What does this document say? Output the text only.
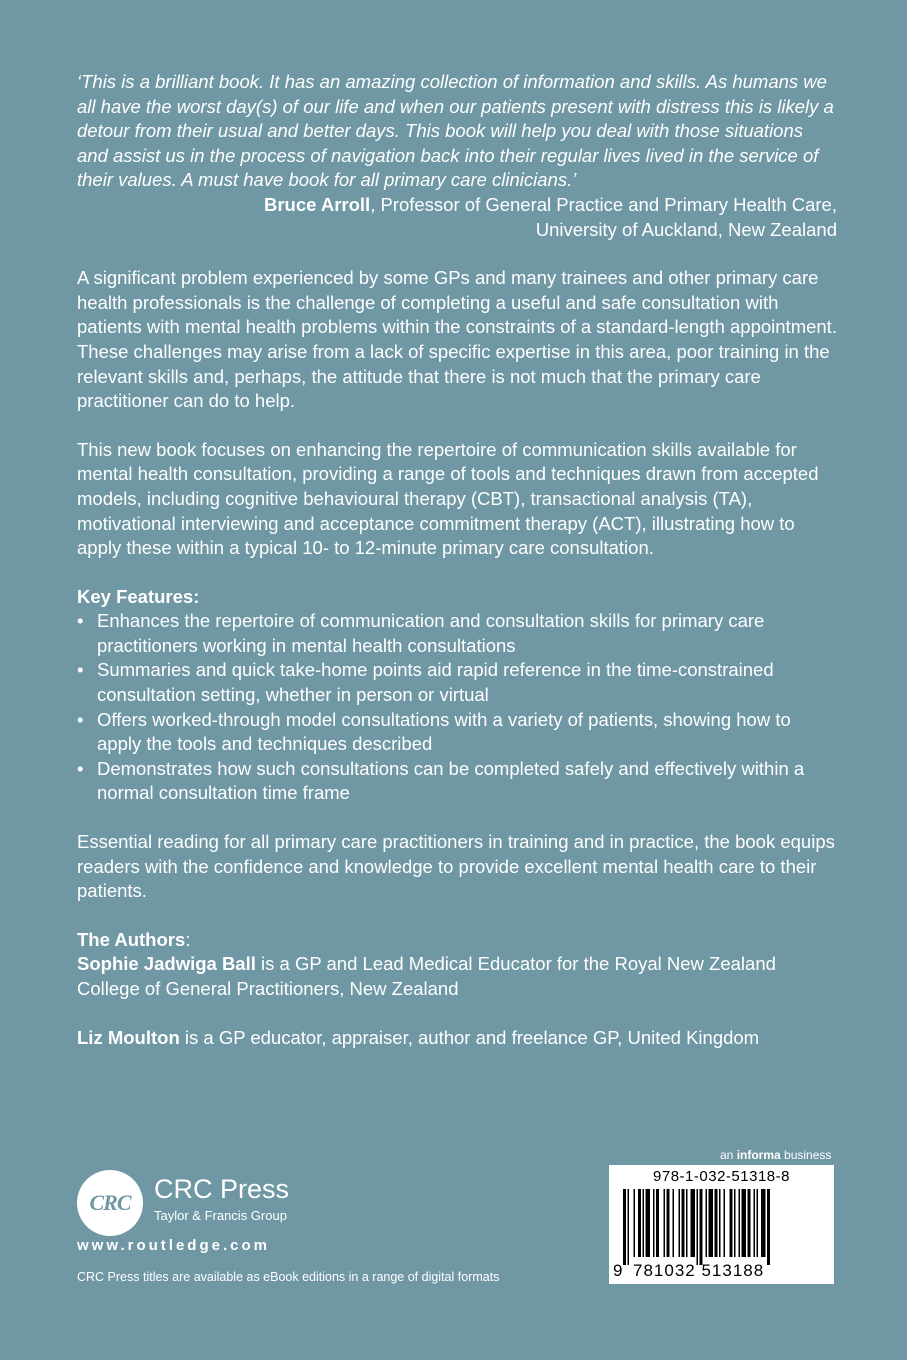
‘This is a brilliant book. It has an amazing collection of information and skills. As humans we all have the worst day(s) of our life and when our patients present with distress this is likely a detour from their usual and better days. This book will help you deal with those situations and assist us in the process of navigation back into their regular lives lived in the service of their values. A must have book for all primary care clinicians.’

Bruce Arroll, Professor of General Practice and Primary Health Care,
University of Auckland, New Zealand

A significant problem experienced by some GPs and many trainees and other primary care health professionals is the challenge of completing a useful and safe consultation with patients with mental health problems within the constraints of a standard-length appointment. These challenges may arise from a lack of specific expertise in this area, poor training in the relevant skills and, perhaps, the attitude that there is not much that the primary care practitioner can do to help.

This new book focuses on enhancing the repertoire of communication skills available for mental health consultation, providing a range of tools and techniques drawn from accepted models, including cognitive behavioural therapy (CBT), transactional analysis (TA), motivational interviewing and acceptance commitment therapy (ACT), illustrating how to apply these within a typical 10- to 12-minute primary care consultation.

Key Features:

• Enhances the repertoire of communication and consultation skills for primary care practitioners working in mental health consultations
• Summaries and quick take-home points aid rapid reference in the time-constrained consultation setting, whether in person or virtual
• Offers worked-through model consultations with a variety of patients, showing how to apply the tools and techniques described
• Demonstrates how such consultations can be completed safely and effectively within a normal consultation time frame

Essential reading for all primary care practitioners in training and in practice, the book equips readers with the confidence and knowledge to provide excellent mental health care to their patients.

The Authors:

Sophie Jadwiga Ball is a GP and Lead Medical Educator for the Royal New Zealand College of General Practitioners, New Zealand

Liz Moulton is a GP educator, appraiser, author and freelance GP, United Kingdom

CRC CRC Press
Taylor & Francis Group
www.routledge.com
CRC Press titles are available as eBook editions in a range of digital formats
an informa business
978-1-032-51318-8
9 781032 513188
